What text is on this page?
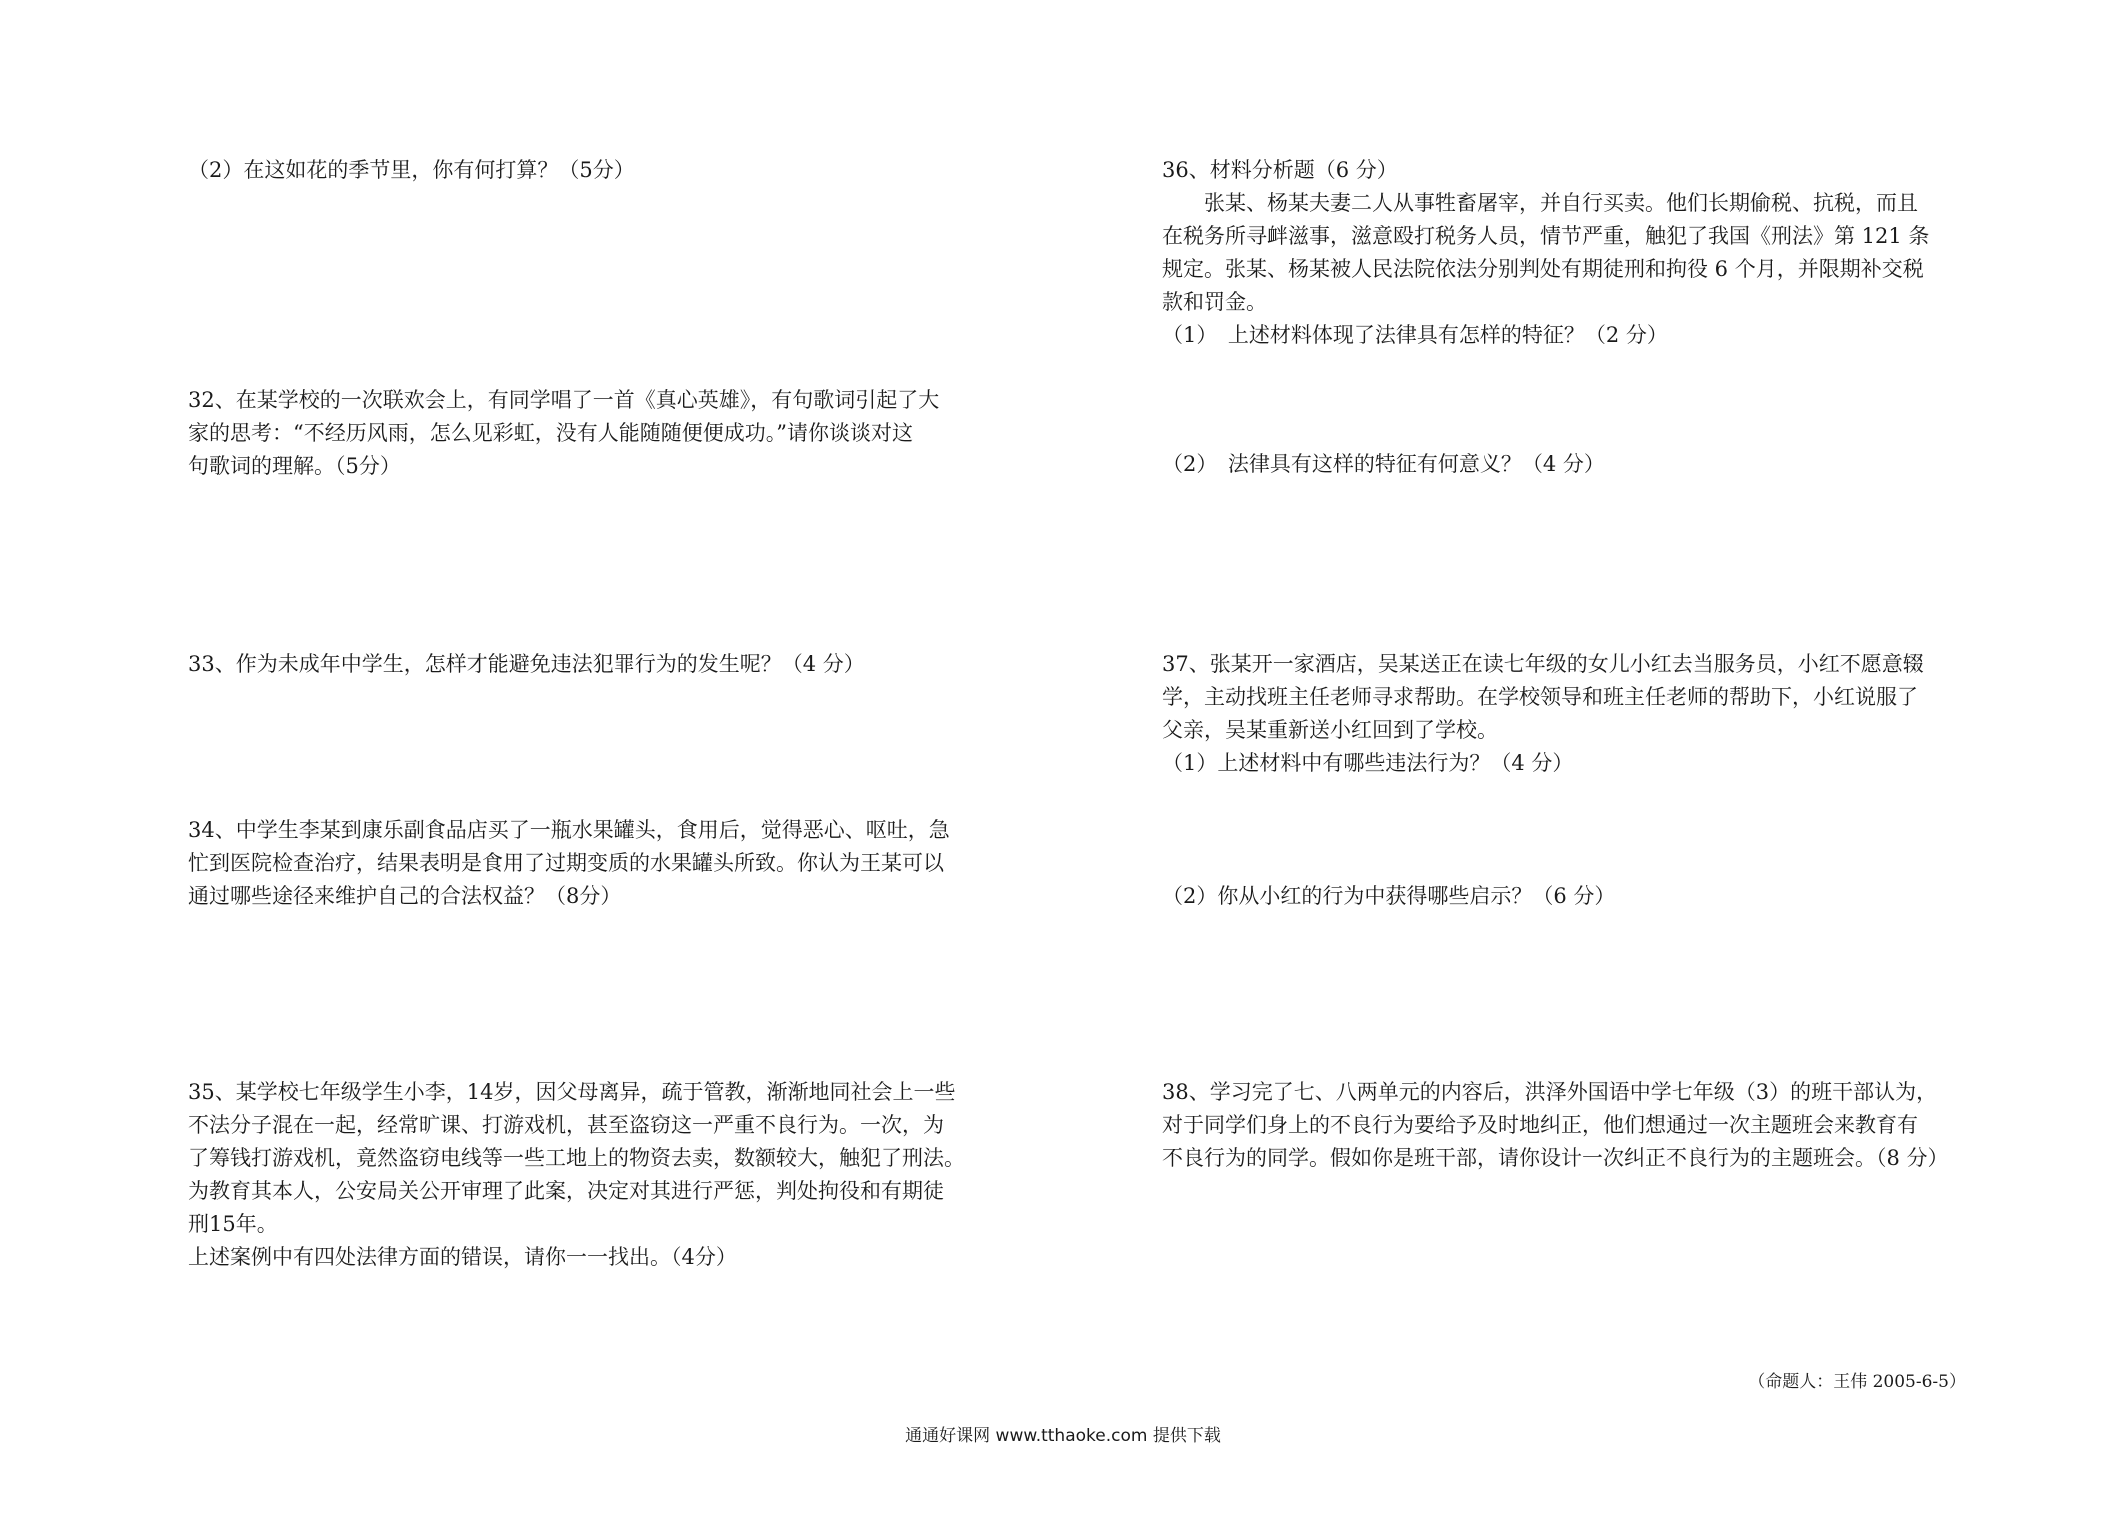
（2）在这如花的季节里，你有何打算？（5分）

32、在某学校的一次联欢会上，有同学唱了一首《真心英雄》，有句歌词引起了大

家的思考：“不经历风雨，怎么见彩虹，没有人能随随便便成功。”请你谈谈对这

句歌词的理解。（5分）

33、作为未成年中学生，怎样才能避免违法犯罪行为的发生呢？（4 分）

34、中学生李某到康乐副食品店买了一瓶水果罐头，食用后，觉得恶心、呕吐，急

忙到医院检查治疗，结果表明是食用了过期变质的水果罐头所致。你认为王某可以

通过哪些途径来维护自己的合法权益？（8分）

35、某学校七年级学生小李，14岁，因父母离异，疏于管教，渐渐地同社会上一些

不法分子混在一起，经常旷课、打游戏机，甚至盗窃这一严重不良行为。一次，为

了筹钱打游戏机，竟然盗窃电线等一些工地上的物资去卖，数额较大，触犯了刑法。

为教育其本人，公安局关公开审理了此案，决定对其进行严惩，判处拘役和有期徒

刑15年。

上述案例中有四处法律方面的错误，请你一一找出。（4分）

36、材料分析题（6 分）

张某、杨某夫妻二人从事牲畜屠宰，并自行买卖。他们长期偷税、抗税，而且

在税务所寻衅滋事，滋意殴打税务人员，情节严重，触犯了我国《刑法》第 121 条

规定。张某、杨某被人民法院依法分别判处有期徒刑和拘役 6 个月，并限期补交税

款和罚金。

（1）　上述材料体现了法律具有怎样的特征？（2 分）

（2）　法律具有这样的特征有何意义？（4 分）

37、张某开一家酒店，吴某送正在读七年级的女儿小红去当服务员，小红不愿意辍

学，主动找班主任老师寻求帮助。在学校领导和班主任老师的帮助下，小红说服了

父亲，吴某重新送小红回到了学校。

（1）上述材料中有哪些违法行为？（4 分）

（2）你从小红的行为中获得哪些启示？（6 分）

38、学习完了七、八两单元的内容后，洪泽外国语中学七年级（3）的班干部认为，

对于同学们身上的不良行为要给予及时地纠正，他们想通过一次主题班会来教育有

不良行为的同学。假如你是班干部，请你设计一次纠正不良行为的主题班会。（8 分）

（命题人：王伟 2005-6-5）
通通好课网 www.tthaoke.com 提供下载
